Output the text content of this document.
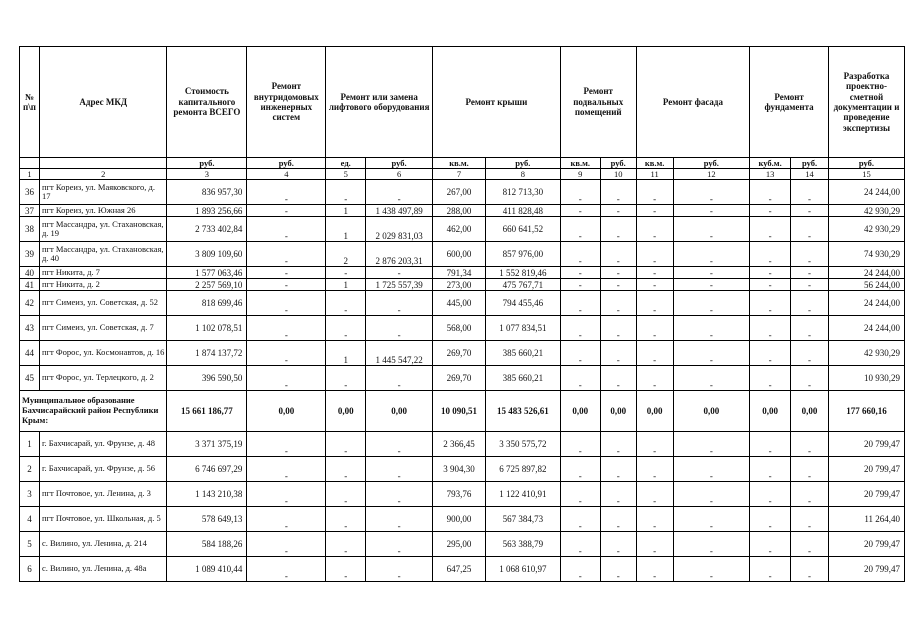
№ п\п	Адрес МКД	Стоимость капитального ремонта ВСЕГО	Ремонт внутридомовых инженерных систем	Ремонт или замена лифтового оборудования		Ремонт крыши		Ремонт подвальных помещений		Ремонт фасада		Ремонт фундамента		Разработка проектно-сметной документации и проведение экспертизы
		руб.	руб.	ед.	руб.	кв.м.	руб.	кв.м.	руб.	кв.м.	руб.	куб.м.	руб.	руб.
1	2	3	4	5	6	7	8	9	10	11	12	13	14	15
36	пгт Кореиз, ул. Маяковского, д. 17	836 957,30	-	-	-	267,00	812 713,30	-	-	-	-	-	-	24 244,00
37	пгт Кореиз, ул. Южная 26	1 893 256,66	-	1	1 438 497,89	288,00	411 828,48	-	-	-	-	-	-	42 930,29
38	пгт Массандра, ул. Стахановская, д. 19	2 733 402,84	-	1	2 029 831,03	462,00	660 641,52	-	-	-	-	-	-	42 930,29
39	пгт Массандра, ул. Стахановская, д. 40	3 809 109,60	-	2	2 876 203,31	600,00	857 976,00	-	-	-	-	-	-	74 930,29
40	пгт Никита, д. 7	1 577 063,46	-	-	-	791,34	1 552 819,46	-	-	-	-	-	-	24 244,00
41	пгт Никита, д. 2	2 257 569,10	-	1	1 725 557,39	273,00	475 767,71	-	-	-	-	-	-	56 244,00
42	пгт Симеиз, ул. Советская, д. 52	818 699,46	-	-	-	445,00	794 455,46	-	-	-	-	-	-	24 244,00
43	пгт Симеиз, ул. Советская, д. 7	1 102 078,51	-	-	-	568,00	1 077 834,51	-	-	-	-	-	-	24 244,00
44	пгт Форос, ул. Космонавтов, д. 16	1 874 137,72	-	1	1 445 547,22	269,70	385 660,21	-	-	-	-	-	-	42 930,29
45	пгт Форос, ул. Терлецкого, д. 2	396 590,50	-	-	-	269,70	385 660,21	-	-	-	-	-	-	10 930,29
Муниципальное образование Бахчисарайский район Республики Крым:		15 661 186,77	0,00	0,00	0,00	10 090,51	15 483 526,61	0,00	0,00	0,00	0,00	0,00	0,00	177 660,16
1	г. Бахчисарай, ул. Фрунзе, д. 48	3 371 375,19	-	-	-	2 366,45	3 350 575,72	-	-	-	-	-	-	20 799,47
2	г. Бахчисарай, ул. Фрунзе, д. 56	6 746 697,29	-	-	-	3 904,30	6 725 897,82	-	-	-	-	-	-	20 799,47
3	пгт Почтовое, ул. Ленина, д. 3	1 143 210,38	-	-	-	793,76	1 122 410,91	-	-	-	-	-	-	20 799,47
4	пгт Почтовое, ул. Школьная, д. 5	578 649,13	-	-	-	900,00	567 384,73	-	-	-	-	-	-	11 264,40
5	с. Вилино, ул. Ленина, д. 214	584 188,26	-	-	-	295,00	563 388,79	-	-	-	-	-	-	20 799,47
6	с. Вилино, ул. Ленина, д. 48а	1 089 410,44	-	-	-	647,25	1 068 610,97	-	-	-	-	-	-	20 799,47
